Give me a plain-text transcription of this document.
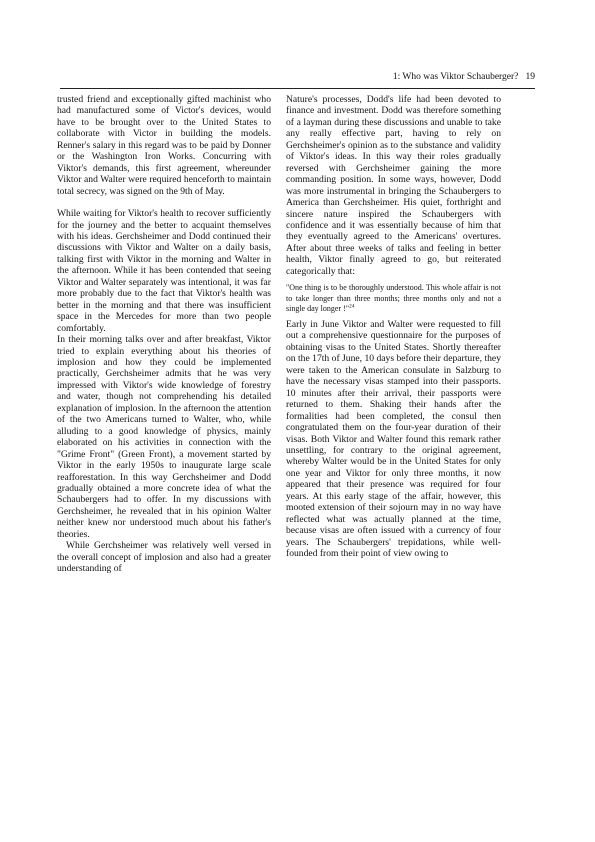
1: Who was Viktor Schauberger? 19

trusted friend and exceptionally gifted machinist who had manufactured some of Victor's devices, would have to be brought over to the United States to collaborate with Victor in building the models. Renner's salary in this regard was to be paid by Donner or the Washington Iron Works. Concurring with Viktor's demands, this first agreement, whereunder Viktor and Walter were required henceforth to maintain total secrecy, was signed on the 9th of May.

While waiting for Viktor's health to recover sufficiently for the journey and the better to acquaint themselves with his ideas. Gerchsheimer and Dodd continued their discussions with Viktor and Walter on a daily basis, talking first with Viktor in the morning and Walter in the afternoon. While it has been contended that seeing Viktor and Walter separately was intentional, it was far more probably due to the fact that Viktor's health was better in the morning and that there was insufficient space in the Mercedes for more than two people comfortably.

In their morning talks over and after breakfast, Viktor tried to explain everything about his theories of implosion and how they could be implemented practically, Gerchsheimer admits that he was very impressed with Viktor's wide knowledge of forestry and water, though not comprehending his detailed explanation of implosion. In the afternoon the attention of the two Americans turned to Walter, who, while alluding to a good knowledge of physics, mainly elaborated on his activities in connection with the "Grime Front" (Green Front), a movement started by Viktor in the early 1950s to inaugurate large scale reafforestation. In this way Gerchsheimer and Dodd gradually obtained a more concrete idea of what the Schaubergers had to offer. In my discussions with Gerchsheimer, he revealed that in his opinion Walter neither knew nor understood much about his father's theories.

While Gerchsheimer was relatively well versed in the overall concept of implosion and also had a greater understanding of

Nature's processes, Dodd's life had been devoted to finance and investment. Dodd was therefore something of a layman during these discussions and unable to take any really effective part, having to rely on Gerchsheimer's opinion as to the substance and validity of Viktor's ideas. In this way their roles gradually reversed with Gerchsheimer gaining the more commanding position. In some ways, however, Dodd was more instrumental in bringing the Schaubergers to America than Gerchsheimer. His quiet, forthright and sincere nature inspired the Schaubergers with confidence and it was essentially because of him that they eventually agreed to the Americans' overtures. After about three weeks of talks and feeling in better health, Viktor finally agreed to go, but reiterated categorically that:

"One thing is to be thoroughly understood. This whole affair is not to take longer than three months; three months only and not a single day longer !"$^{24}$

Early in June Viktor and Walter were requested to fill out a comprehensive questionnaire for the purposes of obtaining visas to the United States. Shortly thereafter on the 17th of June, 10 days before their departure, they were taken to the American consulate in Salzburg to have the necessary visas stamped into their passports. 10 minutes after their arrival, their passports were returned to them. Shaking their hands after the formalities had been completed, the consul then congratulated them on the four-year duration of their visas. Both Viktor and Walter found this remark rather unsettling, for contrary to the original agreement, whereby Walter would be in the United States for only one year and Viktor for only three months, it now appeared that their presence was required for four years. At this early stage of the affair, however, this mooted extension of their sojourn may in no way have reflected what was actually planned at the time, because visas are often issued with a currency of four years. The Schaubergers' trepidations, while well-founded from their point of view owing to
